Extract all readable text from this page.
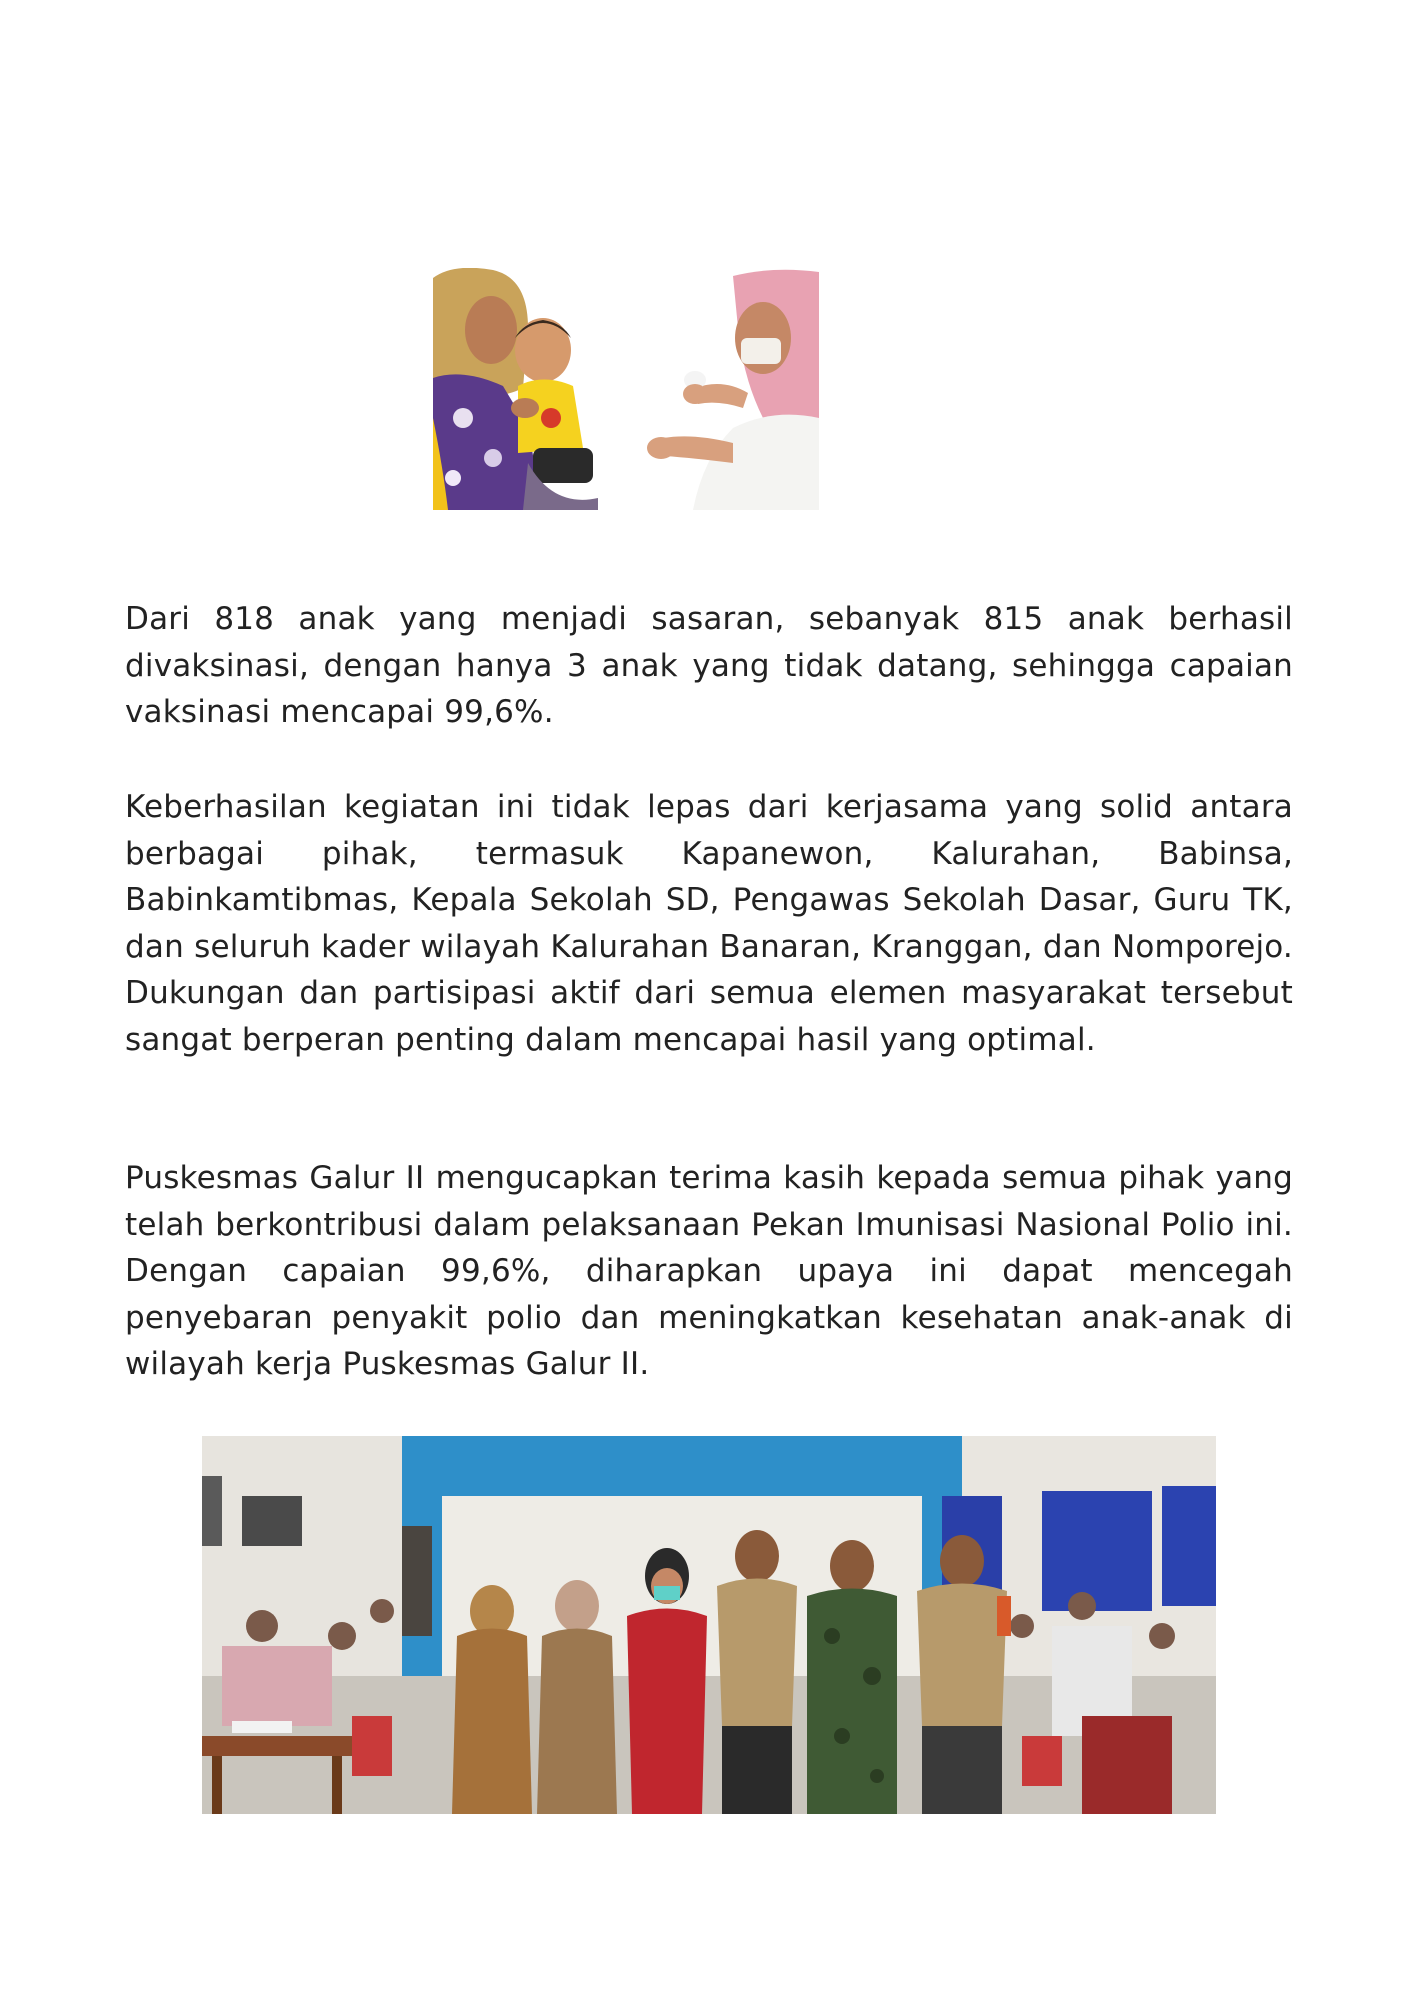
Dari 818 anak yang menjadi sasaran, sebanyak 815 anak berhasil divaksinasi, dengan hanya 3 anak yang tidak datang, sehingga capaian vaksinasi mencapai 99,6%.

Keberhasilan kegiatan ini tidak lepas dari kerjasama yang solid antara berbagai pihak, termasuk Kapanewon, Kalurahan, Babinsa, Babinkamtibmas, Kepala Sekolah SD, Pengawas Sekolah Dasar, Guru TK, dan seluruh kader wilayah Kalurahan Banaran, Kranggan, dan Nomporejo. Dukungan dan partisipasi aktif dari semua elemen masyarakat tersebut sangat berperan penting dalam mencapai hasil yang optimal.

Puskesmas Galur II mengucapkan terima kasih kepada semua pihak yang telah berkontribusi dalam pelaksanaan Pekan Imunisasi Nasional Polio ini. Dengan capaian 99,6%, diharapkan upaya ini dapat mencegah penyebaran penyakit polio dan meningkatkan kesehatan anak-anak di wilayah kerja Puskesmas Galur II.
